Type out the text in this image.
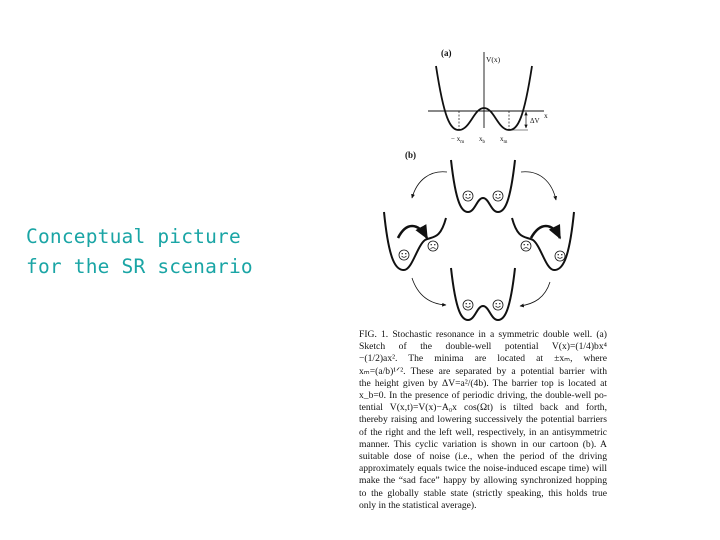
Conceptual picture
for the SR scenario
(a)
V(x)
x
ΔV
− $x_m$ $x_b$ $x_m$
(b)
FIG. 1. Stochastic resonance in a symmetric double well. (a)
Sketch of the double-well potential V(x)=(1/4)bx⁴
−(1/2)ax². The minima are located at ±xₘ, where
xₘ=(a/b)¹ᐟ². These are separated by a potential barrier with
the height given by ΔV=a²/(4b). The barrier top is located at
x_b=0. In the presence of periodic driving, the double-well po-
tential V(x,t)=V(x)−A₀x cos(Ωt) is tilted back and forth,
thereby raising and lowering successively the potential barriers
of the right and the left well, respectively, in an antisymmetric
manner. This cyclic variation is shown in our cartoon (b). A
suitable dose of noise (i.e., when the period of the driving
approximately equals twice the noise-induced escape time) will
make the “sad face” happy by allowing synchronized hopping
to the globally stable state (strictly speaking, this holds true
only in the statistical average).
